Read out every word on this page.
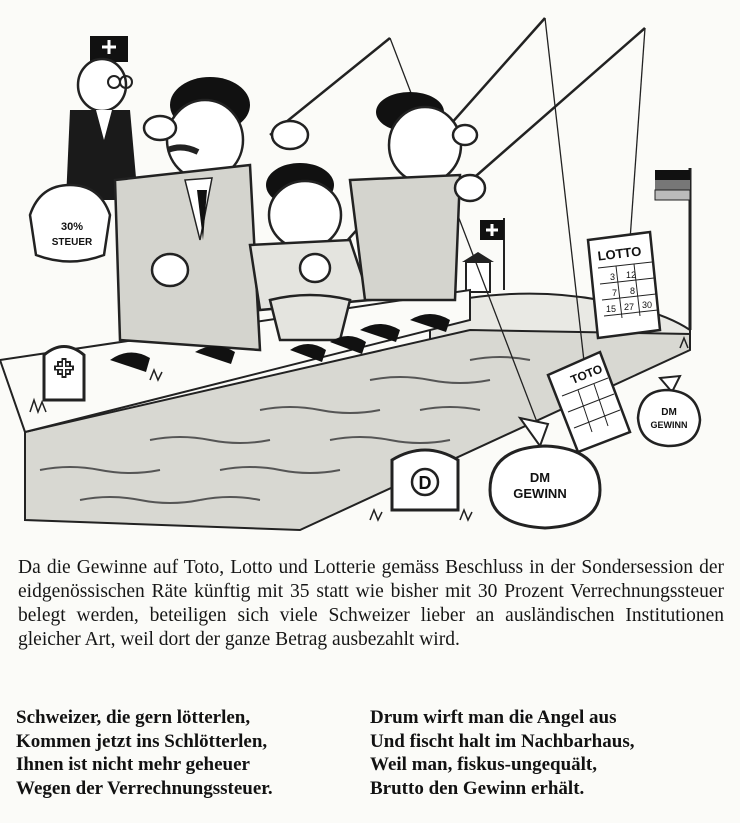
D
30%
STEUER
LOTTO
3 12
7 8
15 27 30
TOTO
DM
GEWINN
DM
GEWINN

Da die Gewinne auf Toto, Lotto und Lotterie gemäss Beschluss in der Sondersession der eidgenössischen Räte künftig mit 35 statt wie bisher mit 30 Prozent Verrechnungssteuer belegt werden, beteiligen sich viele Schweizer lieber an ausländischen Institutionen gleicher Art, weil dort der ganze Betrag ausbezahlt wird.

Schweizer, die gern lötterlen,
Kommen jetzt ins Schlötterlen,
Ihnen ist nicht mehr geheuer
Wegen der Verrechnungssteuer.
Drum wirft man die Angel aus
Und fischt halt im Nachbarhaus,
Weil man, fiskus-ungequält,
Brutto den Gewinn erhält.
